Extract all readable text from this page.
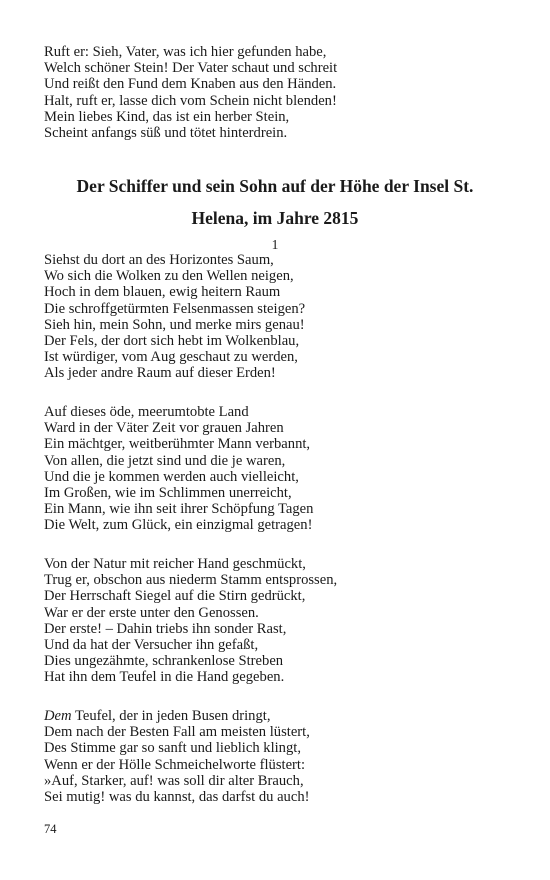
Ruft er: Sieh, Vater, was ich hier gefunden habe,
Welch schöner Stein! Der Vater schaut und schreit
Und reißt den Fund dem Knaben aus den Händen.
Halt, ruft er, lasse dich vom Schein nicht blenden!
Mein liebes Kind, das ist ein herber Stein,
Scheint anfangs süß und tötet hinterdrein.
Der Schiffer und sein Sohn auf der Höhe der Insel St.
Helena, im Jahre 2815
1
Siehst du dort an des Horizontes Saum,
Wo sich die Wolken zu den Wellen neigen,
Hoch in dem blauen, ewig heitern Raum
Die schroffgetürmten Felsenmassen steigen?
Sieh hin, mein Sohn, und merke mirs genau!
Der Fels, der dort sich hebt im Wolkenblau,
Ist würdiger, vom Aug geschaut zu werden,
Als jeder andre Raum auf dieser Erden!
Auf dieses öde, meerumtobte Land
Ward in der Väter Zeit vor grauen Jahren
Ein mächtger, weitberühmter Mann verbannt,
Von allen, die jetzt sind und die je waren,
Und die je kommen werden auch vielleicht,
Im Großen, wie im Schlimmen unerreicht,
Ein Mann, wie ihn seit ihrer Schöpfung Tagen
Die Welt, zum Glück, ein einzigmal getragen!
Von der Natur mit reicher Hand geschmückt,
Trug er, obschon aus niederm Stamm entsprossen,
Der Herrschaft Siegel auf die Stirn gedrückt,
War er der erste unter den Genossen.
Der erste! – Dahin triebs ihn sonder Rast,
Und da hat der Versucher ihn gefaßt,
Dies ungezähmte, schrankenlose Streben
Hat ihn dem Teufel in die Hand gegeben.
Dem Teufel, der in jeden Busen dringt,
Dem nach der Besten Fall am meisten lüstert,
Des Stimme gar so sanft und lieblich klingt,
Wenn er der Hölle Schmeichelworte flüstert:
»Auf, Starker, auf! was soll dir alter Brauch,
Sei mutig! was du kannst, das darfst du auch!
74
